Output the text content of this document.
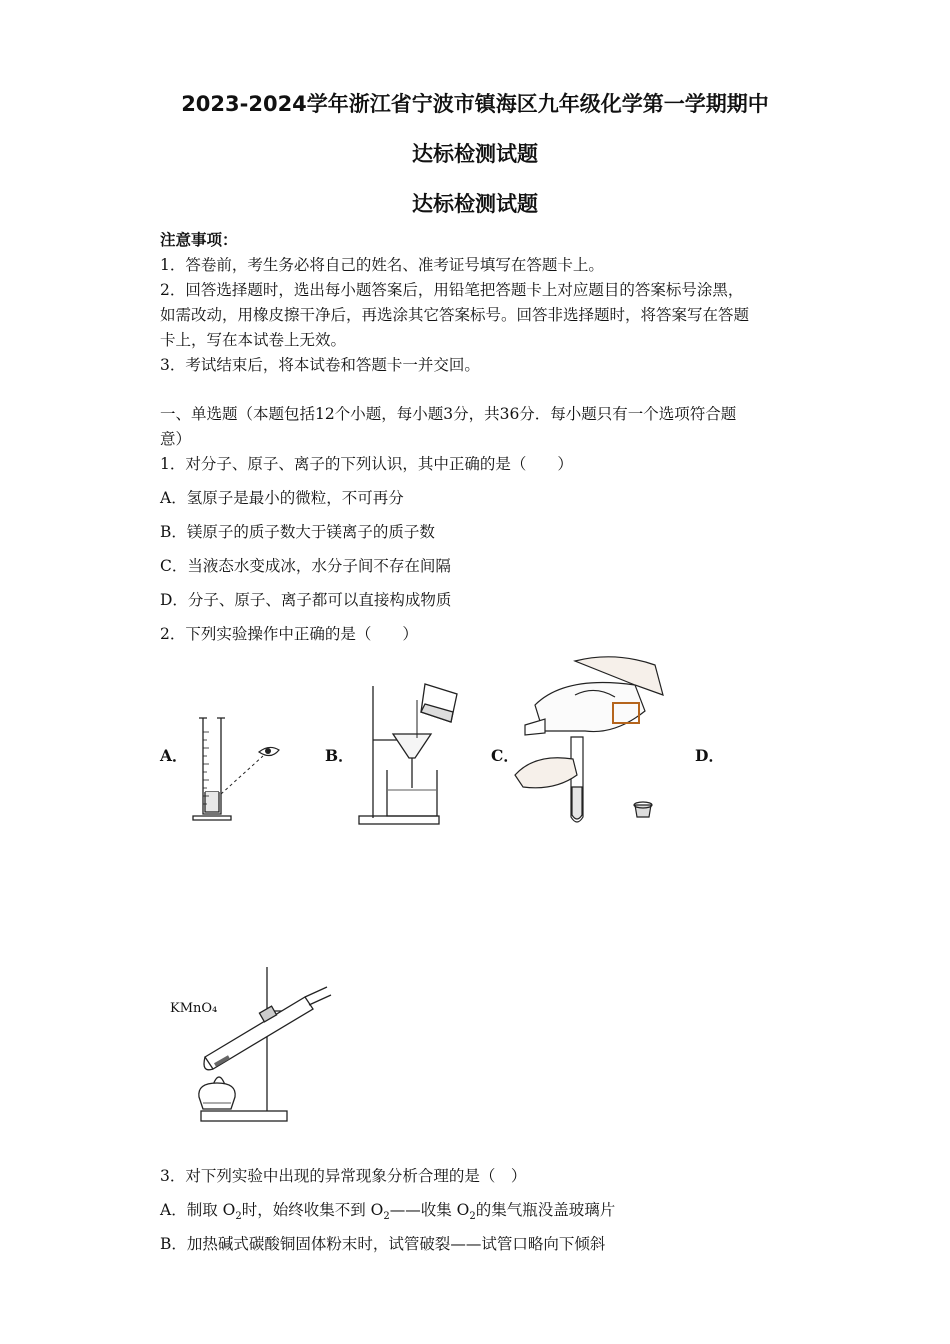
2023-2024学年浙江省宁波市镇海区九年级化学第一学期期中
达标检测试题
达标检测试题
注意事项：
1．答卷前，考生务必将自己的姓名、准考证号填写在答题卡上。
2．回答选择题时，选出每小题答案后，用铅笔把答题卡上对应题目的答案标号涂黑，
如需改动，用橡皮擦干净后，再选涂其它答案标号。回答非选择题时，将答案写在答题
卡上，写在本试卷上无效。
3．考试结束后，将本试卷和答题卡一并交回。
一、单选题（本题包括12个小题，每小题3分，共36分．每小题只有一个选项符合题
意）
1．对分子、原子、离子的下列认识，其中正确的是（　　）
A．氢原子是最小的微粒，不可再分
B．镁原子的质子数大于镁离子的质子数
C．当液态水变成冰，水分子间不存在间隔
D．分子、原子、离子都可以直接构成物质
2．下列实验操作中正确的是（　　）
A．	B．	C．	D．
KMnO₄
3．对下列实验中出现的异常现象分析合理的是（　）
A．制取 $O_2$时，始终收集不到 $O_2——$收集 $O_2$的集气瓶没盖玻璃片
B．加热碱式碳酸铜固体粉末时，试管破裂——试管口略向下倾斜
